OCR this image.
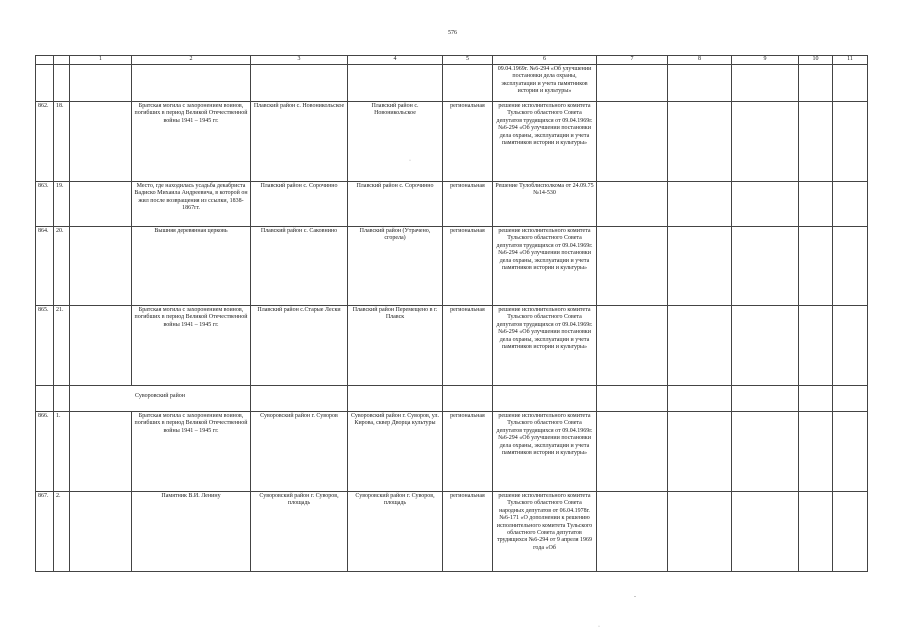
576
		1	2	3	4	5	6	7	8	9	10	11
							09.04.1969г. №6-294 «Об улучшении постановки дела охраны, эксплуатации и учета памятников истории и культуры»					
862.	18.		Братская могила с захоронением воинов, погибших в период Великой Отечественной войны 1941 – 1945 гг.	Плавский район с. Новоникольское	Плавский район с. Новоникольское	региональная	решение исполнительного комитета Тульского областного Совета депутатов трудящихся от 09.04.1969г. №6-294 «Об улучшении постановки дела охраны, эксплуатации и учета памятников истории и культуры»					
863.	19.		Место, где находилась усадьба декабриста Вадиско Михаила Андреевича, в которой он жил после возвращения из ссылки, 1838-1867гг.	Плавский район с. Сорочинно	Плавский район с. Сорочинно	региональная	Решение Тулоблисполкома от 24.09.75 №14-530					
864.	20.		Вышняя деревянная церковь	Плавский район с. Саковнино	Плавский район (Утрачено, сгорела)	региональная	решение исполнительного комитета Тульского областного Совета депутатов трудящихся от 09.04.1969г. №6-294 «Об улучшении постановки дела охраны, эксплуатации и учета памятников истории и культуры»					
865.	21.		Братская могила с захоронением воинов, погибших в период Великой Отечественной войны 1941 – 1945 гг.	Плавский район с.Старые Лески	Плавский район Перемещено в г. Плавск	региональная	решение исполнительного комитета Тульского областного Совета депутатов трудящихся от 09.04.1969г. №6-294 «Об улучшении постановки дела охраны, эксплуатации и учета памятников истории и культуры»					
		Суворовский район										
866.	1.		Братская могила с захоронением воинов, погибших в период Великой Отечественной войны 1941 – 1945 гг.	Суворовский район г. Суворов	Суворовский район г. Суворов, ул. Кирова, сквер Дворца культуры	региональная	решение исполнительного комитета Тульского областного Совета депутатов трудящихся от 09.04.1969г. №6-294 «Об улучшении постановки дела охраны, эксплуатации и учета памятников истории и культуры»					
867.	2.		Памятник В.И. Ленину	Суворовский район г. Суворов, площадь	Суворовский район г. Суворов, площадь	региональная	решение исполнительного комитета Тульского областного Совета народных депутатов от 06.04.1978г. №6-171 «О дополнении к решению исполнительного комитета Тульского областного Совета депутатов трудящихся №6-294 от 9 апреля 1969 года «Об					
·
-
·
